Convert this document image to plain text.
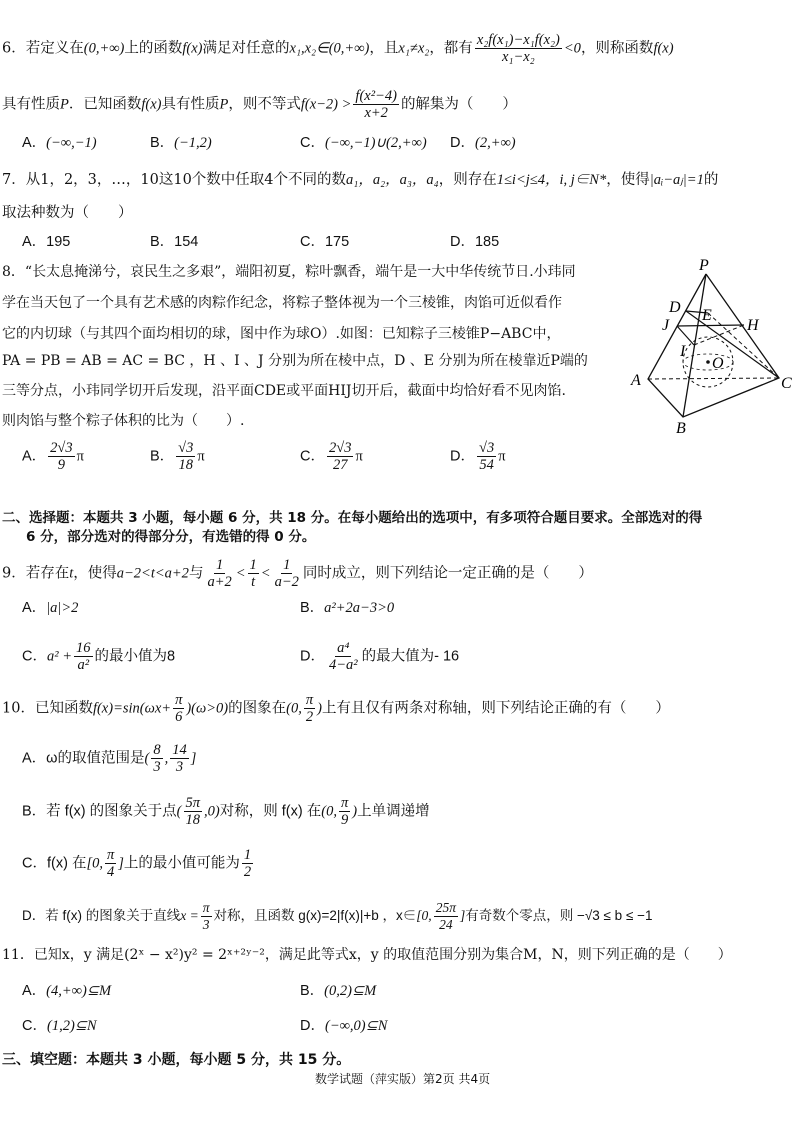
6．若定义在(0,+∞)上的函数f(x)满足对任意的x₁,x₂∈(0,+∞)，且x₁≠x₂，都有 $\frac{\text{x₂f(x₁)−x₁f(x₂)}}{\text{x₁−x₂}} <0$，则称函数f(x)
具有性质P．已知函数f(x)具有性质P，则不等式$f(x-2) > \frac{\text{f(x²−4)}}{x+2}$ 的解集为（　　）
A．(−∞,−1)	B．(−1,2)	C．(−∞,−1)∪(2,+∞) D．(2,+∞)
7．从1，2，3，…，10这10个数中任取4个不同的数a₁，a₂，a₃，a₄，则存在1≤i<j≤4，i, j∈N*，使得|aᵢ−aⱼ|=1的
取法种数为（　　）
A．195	B．154	C．175	D．185
8．“长太息掩涕兮，哀民生之多艰”，端阳初夏，粽叶飘香，端午是一大中华传统节日.小玮同
学在当天包了一个具有艺术感的肉粽作纪念，将粽子整体视为一个三棱锥，肉馅可近似看作
它的内切球（与其四个面均相切的球，图中作为球O）.如图：已知粽子三棱锥P−ABC中，
PA = PB = AB = AC = BC ，H 、I 、J 分别为所在棱中点，D 、E 分别为所在棱靠近P端的
三等分点，小玮同学切开后发现，沿平面CDE或平面HIJ切开后，截面中均恰好看不见肉馅.
则肉馅与整个粽子体积的比为（　　）.
P
D E
J	H
I
O
A
B
C
A． $\frac{2√3}{9}$ π	B． $\frac{√3}{18}$ π	C． $\frac{2√3}{27}$ π	D． $\frac{√3}{54}$ π
二、选择题：本题共 3 小题，每小题 6 分，共 18 分。在每小题给出的选项中，有多项符合题目要求。全部选对的得
6 分，部分选对的得部分分，有选错的得 0 分。
9．若存在t，使得a−2<t<a+2与 $\frac{1}{a+2} < \frac{1}{t} < \frac{1}{a-2}$ 同时成立，则下列结论一定正确的是（　　）
A．|a|>2	B．a²+2a−3>0
C．$a^2 + \frac{16}{\text{a²}}$ 的最小值为8	D． $\frac{\text{a⁴}}{\text{4−a²}}$ 的最大值为- 16
10．已知函数$f(x)=\sin(\omega x+ \frac{\pi}{6} )(\omega>0)$的图象在(0, $\frac{\pi}{2}$ )上有且仅有两条对称轴，则下列结论正确的有（　　）
A．ω的取值范围是( $\frac{8}{3}$ , $\frac{14}{3}$ ]
B．若 f(x) 的图象关于点( $\frac{5\pi}{18} ,0$)对称，则 f(x) 在(0, $\frac{\pi}{9}$ )上单调递增
C．f(x) 在[0, $\frac{\pi}{4}$ ]上的最小值可能为 $\frac{1}{2}$
D．若 f(x) 的图象关于直线$x = \frac{\pi}{3}$ 对称，且函数 g(x)=2|f(x)|+b ，x∈[0, $\frac{25\pi}{24}$ ]有奇数个零点，则 −√3 ≤ b ≤ −1
11．已知x，y 满足(2ˣ − x²)y² = 2ˣ⁺²ʸ⁻²，满足此等式x，y 的取值范围分别为集合M，N，则下列正确的是（　　）
A．(4,+∞)⊆M	B．(0,2)⊆M
C．(1,2)⊆N	D．(−∞,0)⊆N
三、填空题：本题共 3 小题，每小题 5 分，共 15 分。
数学试题（萍实版）第2页 共4页
